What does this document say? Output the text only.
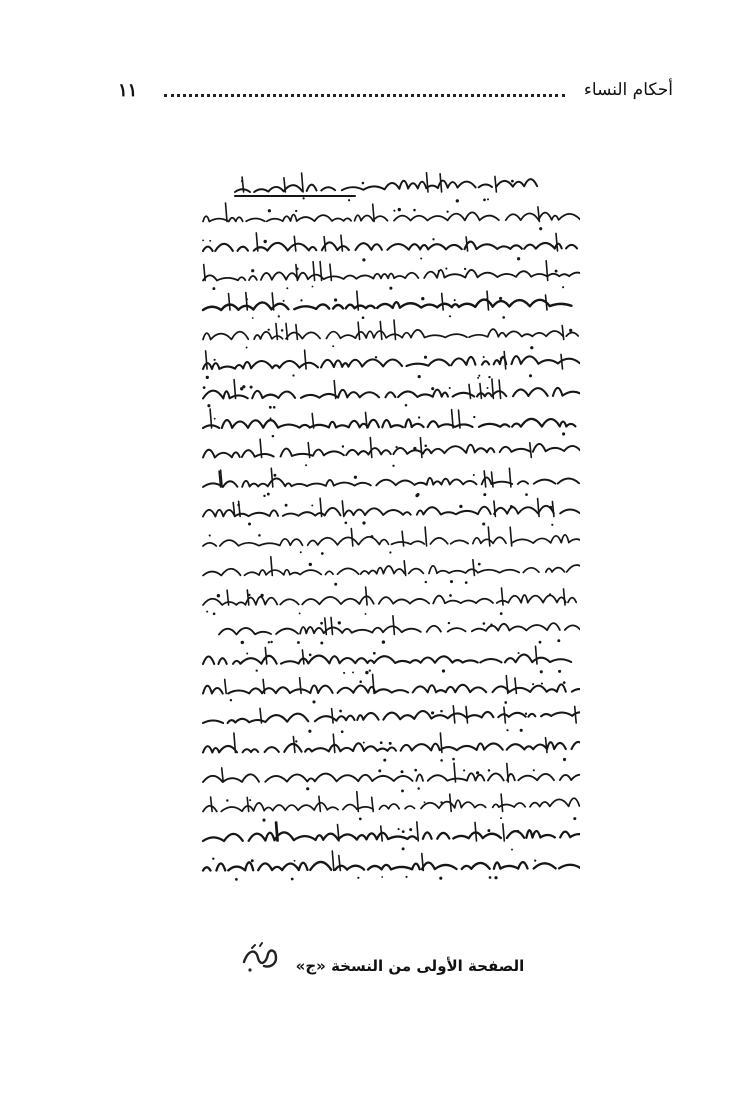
أحكام النساء
١١
الصفحة الأولى من النسخة «ج»
